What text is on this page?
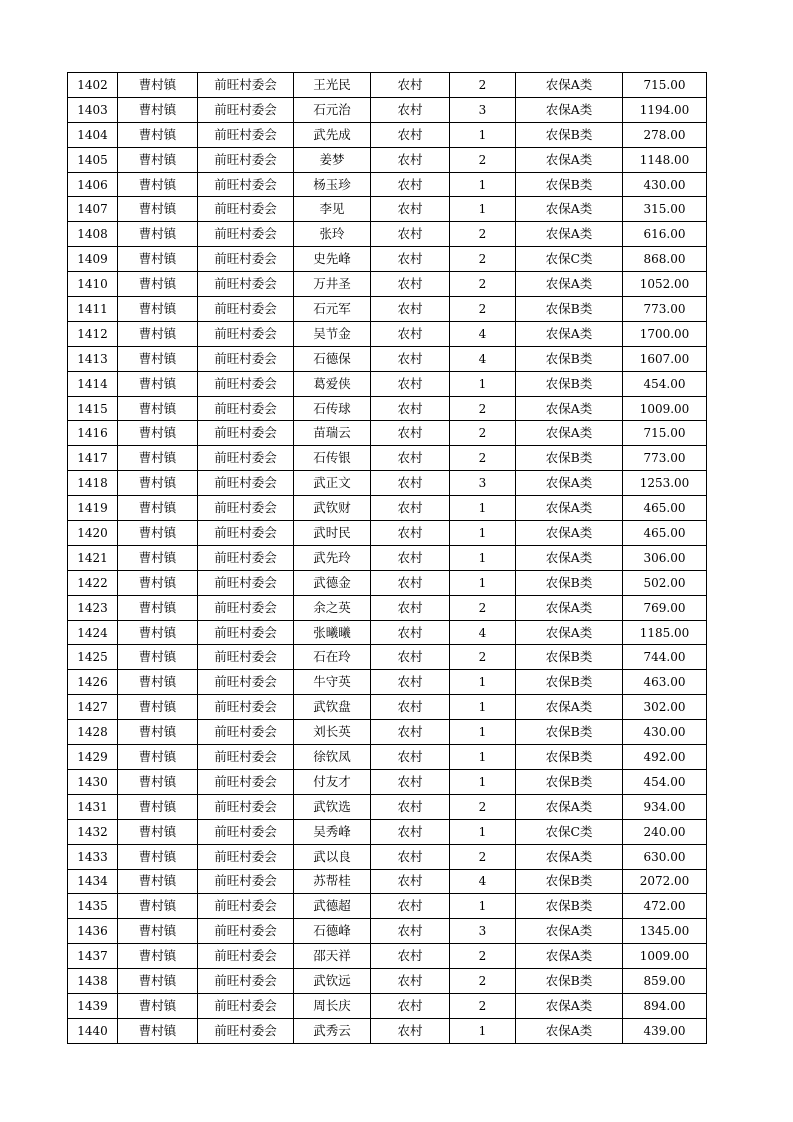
1402	曹村镇	前旺村委会	王光民	农村	2	农保A类	715.00
1403	曹村镇	前旺村委会	石元治	农村	3	农保A类	1194.00
1404	曹村镇	前旺村委会	武先成	农村	1	农保B类	278.00
1405	曹村镇	前旺村委会	姜梦	农村	2	农保A类	1148.00
1406	曹村镇	前旺村委会	杨玉珍	农村	1	农保B类	430.00
1407	曹村镇	前旺村委会	李见	农村	1	农保A类	315.00
1408	曹村镇	前旺村委会	张玲	农村	2	农保A类	616.00
1409	曹村镇	前旺村委会	史先峰	农村	2	农保C类	868.00
1410	曹村镇	前旺村委会	万井圣	农村	2	农保A类	1052.00
1411	曹村镇	前旺村委会	石元军	农村	2	农保B类	773.00
1412	曹村镇	前旺村委会	吴节金	农村	4	农保A类	1700.00
1413	曹村镇	前旺村委会	石德保	农村	4	农保B类	1607.00
1414	曹村镇	前旺村委会	葛爱侠	农村	1	农保B类	454.00
1415	曹村镇	前旺村委会	石传球	农村	2	农保A类	1009.00
1416	曹村镇	前旺村委会	苗瑞云	农村	2	农保A类	715.00
1417	曹村镇	前旺村委会	石传银	农村	2	农保B类	773.00
1418	曹村镇	前旺村委会	武正文	农村	3	农保A类	1253.00
1419	曹村镇	前旺村委会	武钦财	农村	1	农保A类	465.00
1420	曹村镇	前旺村委会	武时民	农村	1	农保A类	465.00
1421	曹村镇	前旺村委会	武先玲	农村	1	农保A类	306.00
1422	曹村镇	前旺村委会	武德金	农村	1	农保B类	502.00
1423	曹村镇	前旺村委会	余之英	农村	2	农保A类	769.00
1424	曹村镇	前旺村委会	张曦曦	农村	4	农保A类	1185.00
1425	曹村镇	前旺村委会	石在玲	农村	2	农保B类	744.00
1426	曹村镇	前旺村委会	牛守英	农村	1	农保B类	463.00
1427	曹村镇	前旺村委会	武钦盘	农村	1	农保A类	302.00
1428	曹村镇	前旺村委会	刘长英	农村	1	农保B类	430.00
1429	曹村镇	前旺村委会	徐钦凤	农村	1	农保B类	492.00
1430	曹村镇	前旺村委会	付友才	农村	1	农保B类	454.00
1431	曹村镇	前旺村委会	武钦选	农村	2	农保A类	934.00
1432	曹村镇	前旺村委会	吴秀峰	农村	1	农保C类	240.00
1433	曹村镇	前旺村委会	武以良	农村	2	农保A类	630.00
1434	曹村镇	前旺村委会	苏帮桂	农村	4	农保B类	2072.00
1435	曹村镇	前旺村委会	武德超	农村	1	农保B类	472.00
1436	曹村镇	前旺村委会	石德峰	农村	3	农保A类	1345.00
1437	曹村镇	前旺村委会	邵天祥	农村	2	农保A类	1009.00
1438	曹村镇	前旺村委会	武钦远	农村	2	农保B类	859.00
1439	曹村镇	前旺村委会	周长庆	农村	2	农保A类	894.00
1440	曹村镇	前旺村委会	武秀云	农村	1	农保A类	439.00
